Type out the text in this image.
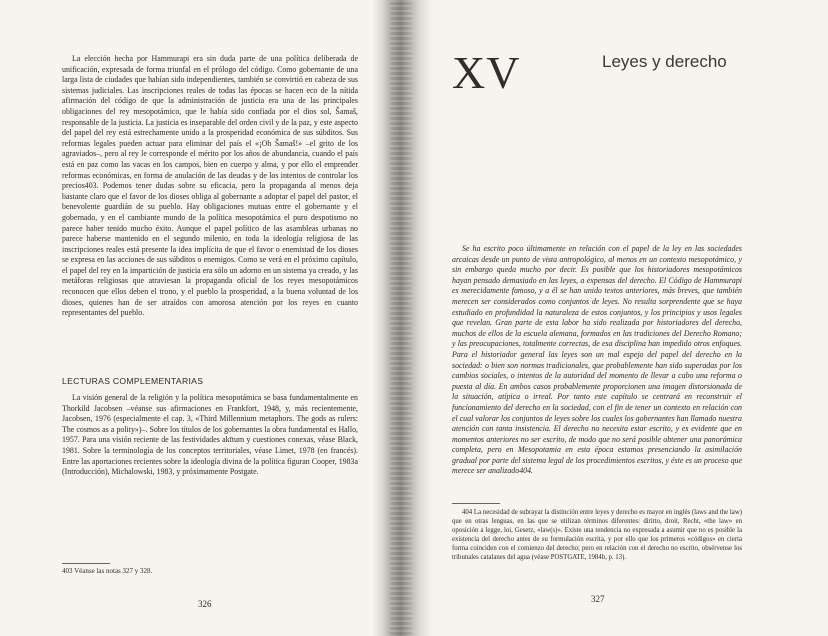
La elección hecha por Hammurapi era sin duda parte de una política deliberada de unificación, expresada de forma triunfal en el prólogo del código. Como gobernante de una larga lista de ciudades que habían sido independientes, también se convirtió en cabeza de sus sistemas judiciales. Las inscripciones reales de todas las épocas se hacen eco de la nítida afirmación del código de que la administración de justicia era una de las principales obligaciones del rey mesopotámico, que le había sido confiada por el dios sol, Šamaš, responsable de la justicia. La justicia es inseparable del orden civil y de la paz, y este aspecto del papel del rey está estrechamente unido a la prosperidad económica de sus súbditos. Sus reformas legales pueden actuar para eliminar del país el «¡Oh Šamaš!» –el grito de los agraviados–, pero al rey le corresponde el mérito por los años de abundancia, cuando el país está en paz como las vacas en los campos, bien en cuerpo y alma, y por ello el emprender reformas económicas, en forma de anulación de las deudas y de los intentos de controlar los precios403. Podemos tener dudas sobre su eficacia, pero la propaganda al menos deja bastante claro que el favor de los dioses obliga al gobernante a adoptar el papel del pastor, el benevolente guardián de su pueblo. Hay obligaciones mutuas entre el gobernante y el gobernado, y en el cambiante mundo de la política mesopotámica el puro despotismo no parece haber tenido mucho éxito. Aunque el papel político de las asambleas urbanas no parece haberse mantenido en el segundo milenio, en toda la ideología religiosa de las inscripciones reales está presente la idea implícita de que el favor o enemistad de los dioses se expresa en las acciones de sus súbditos o enemigos. Como se verá en el próximo capítulo, el papel del rey en la impartición de justicia era sólo un adorno en un sistema ya creado, y las metáforas religiosas que atraviesan la propaganda oficial de los reyes mesopotámicos reconocen que ellos deben el trono, y el pueblo la prosperidad, a la buena voluntad de los dioses, quienes han de ser atraídos con amorosa atención por los reyes en cuanto representantes del pueblo.

LECTURAS COMPLEMENTARIAS

La visión general de la religión y la política mesopotámica se basa fundamentalmente en Thorkild Jacobsen –véanse sus afirmaciones en Frankfort, 1948, y, más recientemente, Jacobsen, 1976 (especialmente el cap. 3, «Third Millennium metaphors. The gods as rulers: The cosmos as a polity»)–. Sobre los títulos de los gobernantes la obra fundamental es Hallo, 1957. Para una visión reciente de las festividades akītum y cuestiones conexas, véase Black, 1981. Sobre la terminología de los conceptos territoriales, véase Limet, 1978 (en francés). Entre las aportaciones recientes sobre la ideología divina de la política figuran Cooper, 1983a (Introducción), Michalowski, 1983, y próximamente Postgate.

403 Véanse las notas 327 y 328.

326

XV	Leyes y derecho

Se ha escrito poco últimamente en relación con el papel de la ley en las sociedades arcaicas desde un punto de vista antropológico, al menos en un contexto mesopotámico, y sin embargo queda mucho por decir. Es posible que los historiadores mesopotámicos hayan pensado demasiado en las leyes, a expensas del derecho. El Código de Hammurapi es merecidamente famoso, y a él se han unido textos anteriores, más breves, que también merecen ser considerados como conjuntos de leyes. No resulta sorprendente que se haya estudiado en profundidad la naturaleza de estos conjuntos, y los principios y usos legales que revelan. Gran parte de esta labor ha sido realizada por historiadores del derecho, muchos de ellos de la escuela alemana, formados en las tradiciones del Derecho Romano; y las preocupaciones, totalmente correctas, de esa disciplina han impedido otros enfoques. Para el historiador general las leyes son un mal espejo del papel del derecho en la sociedad: o bien son normas tradicionales, que probablemente han sido superadas por los cambios sociales, o intentos de la autoridad del momento de llevar a cabo una reforma o puesta al día. En ambos casos probablemente proporcionen una imagen distorsionada de la situación, atípica o irreal. Por tanto este capítulo se centrará en reconstruir el funcionamiento del derecho en la sociedad, con el fin de tener un contexto en relación con el cual valorar los conjuntos de leyes sobre los cuales los gobernantes han llamado nuestra atención con tanta insistencia. El derecho no necesita estar escrito, y es evidente que en momentos anteriores no ser escrito, de modo que no será posible obtener una panorámica completa, pero en Mesopotamia en esta época estamos presenciando la asimilación gradual por parte del sistema legal de los procedimientos escritos, y éste es un proceso que merece ser analizado404.

404 La necesidad de subrayar la distinción entre leyes y derecho es mayor en inglés (laws and the law) que en otras lenguas, en las que se utilizan términos diferentes: diritto, droit, Recht, «the law» en oposición a legge, loi, Gesetz, «law(s)». Existe una tendencia no expresada a asumir que no es posible la existencia del derecho antes de su formulación escrita, y por ello que los primeros «códigos» en cierta forma coinciden con el comienzo del derecho; pero en relación con el derecho no escrito, obsérvense los tribunales catalanes del agua (véase POSTGATE, 1984b, p. 13).

327
